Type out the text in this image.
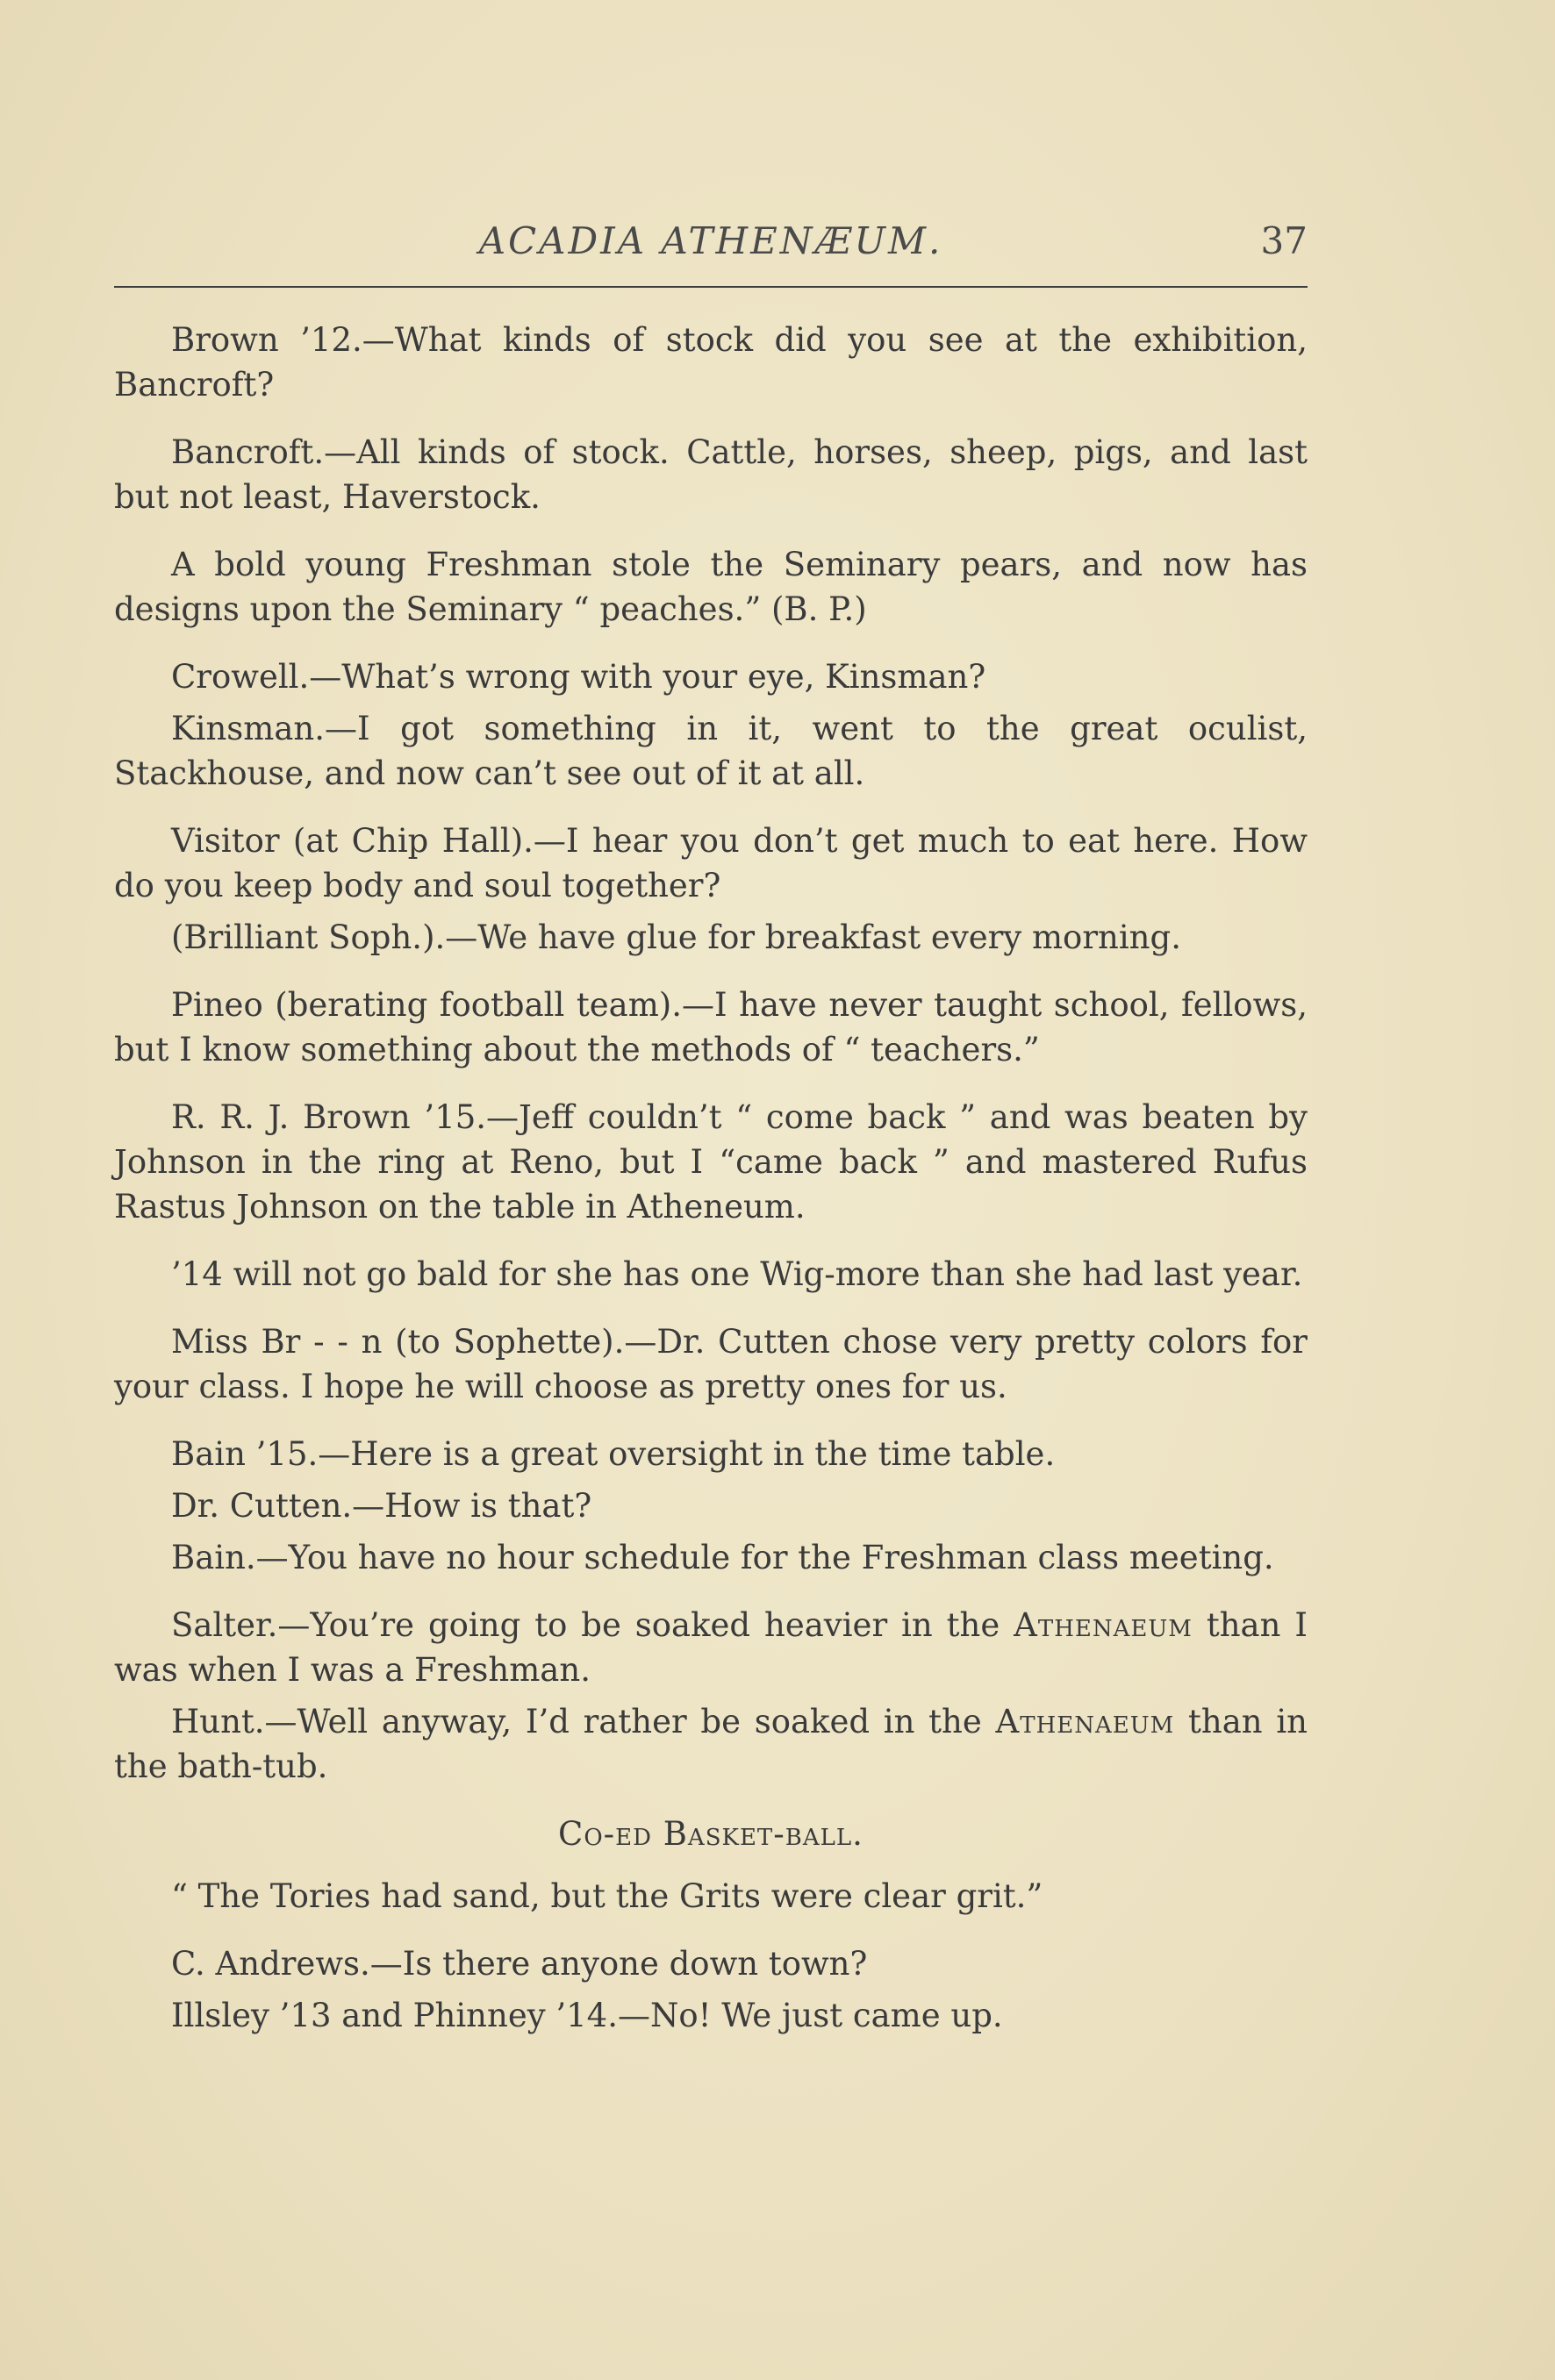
ACADIA ATHENÆUM.	37

Brown ’12.—What kinds of stock did you see at the exhibition, Bancroft?

Bancroft.—All kinds of stock. Cattle, horses, sheep, pigs, and last but not least, Haverstock.

A bold young Freshman stole the Seminary pears, and now has designs upon the Seminary “ peaches.” (B. P.)

Crowell.—What’s wrong with your eye, Kinsman?

Kinsman.—I got something in it, went to the great oculist, Stackhouse, and now can’t see out of it at all.

Visitor (at Chip Hall).—I hear you don’t get much to eat here. How do you keep body and soul together?

(Brilliant Soph.).—We have glue for breakfast every morning.

Pineo (berating football team).—I have never taught school, fellows, but I know something about the methods of “ teachers.”

R. R. J. Brown ’15.—Jeff couldn’t “ come back ” and was beaten by Johnson in the ring at Reno, but I “came back ” and mastered Rufus Rastus Johnson on the table in Atheneum.

’14 will not go bald for she has one Wig-more than she had last year.

Miss Br - - n (to Sophette).—Dr. Cutten chose very pretty colors for your class. I hope he will choose as pretty ones for us.

Bain ’15.—Here is a great oversight in the time table.

Dr. Cutten.—How is that?

Bain.—You have no hour schedule for the Freshman class meeting.

Salter.—You’re going to be soaked heavier in the Athenaeum than I was when I was a Freshman.

Hunt.—Well anyway, I’d rather be soaked in the Athenaeum than in the bath-tub.

Co-ed Basket-ball.

“ The Tories had sand, but the Grits were clear grit.”

C. Andrews.—Is there anyone down town?

Illsley ’13 and Phinney ’14.—No! We just came up.
